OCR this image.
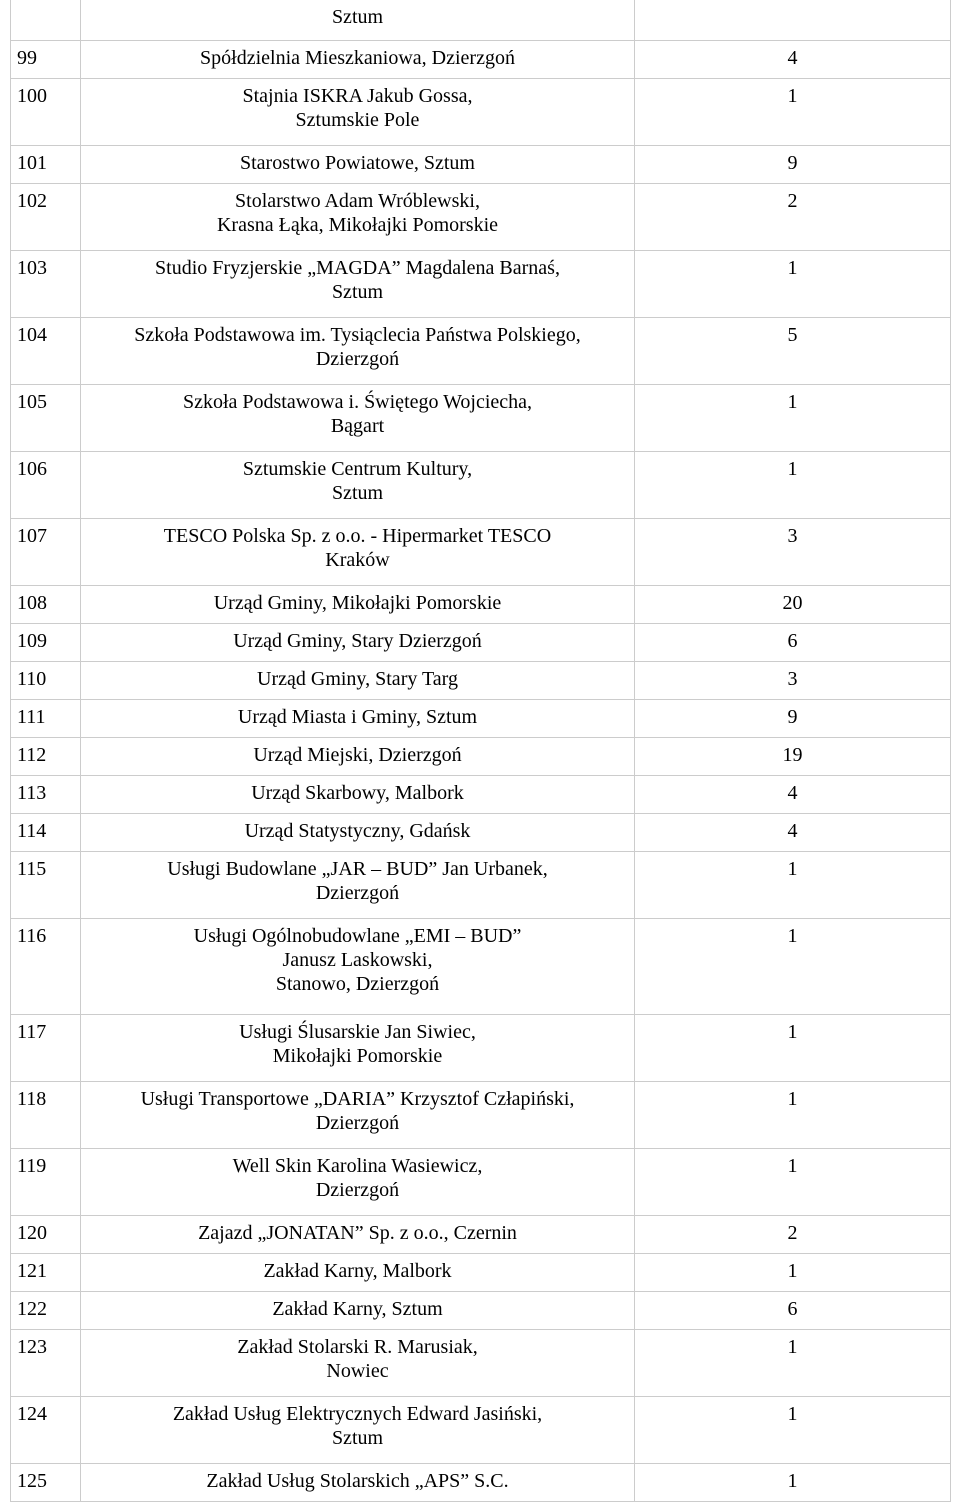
	Sztum	
99	Spółdzielnia Mieszkaniowa, Dzierzgoń	4
100	Stajnia ISKRA Jakub Gossa,
Sztumskie Pole	1
101	Starostwo Powiatowe, Sztum	9
102	Stolarstwo Adam Wróblewski,
Krasna Łąka, Mikołajki Pomorskie	2
103	Studio Fryzjerskie „MAGDA” Magdalena Barnaś,
Sztum	1
104	Szkoła Podstawowa im. Tysiąclecia Państwa Polskiego,
Dzierzgoń	5
105	Szkoła Podstawowa i. Świętego Wojciecha,
Bągart	1
106	Sztumskie Centrum Kultury,
Sztum	1
107	TESCO Polska Sp. z o.o. - Hipermarket TESCO
Kraków	3
108	Urząd Gminy, Mikołajki Pomorskie	20
109	Urząd Gminy, Stary Dzierzgoń	6
110	Urząd Gminy, Stary Targ	3
111	Urząd Miasta i Gminy, Sztum	9
112	Urząd Miejski, Dzierzgoń	19
113	Urząd Skarbowy, Malbork	4
114	Urząd Statystyczny, Gdańsk	4
115	Usługi Budowlane „JAR – BUD” Jan Urbanek,
Dzierzgoń	1
116	Usługi Ogólnobudowlane „EMI – BUD”
Janusz Laskowski,
Stanowo, Dzierzgoń	1
117	Usługi Ślusarskie Jan Siwiec,
Mikołajki Pomorskie	1
118	Usługi Transportowe „DARIA” Krzysztof Człapiński,
Dzierzgoń	1
119	Well Skin Karolina Wasiewicz,
Dzierzgoń	1
120	Zajazd „JONATAN” Sp. z o.o., Czernin	2
121	Zakład Karny, Malbork	1
122	Zakład Karny, Sztum	6
123	Zakład Stolarski R. Marusiak,
Nowiec	1
124	Zakład Usług Elektrycznych Edward Jasiński,
Sztum	1
125	Zakład Usług Stolarskich „APS” S.C.	1
